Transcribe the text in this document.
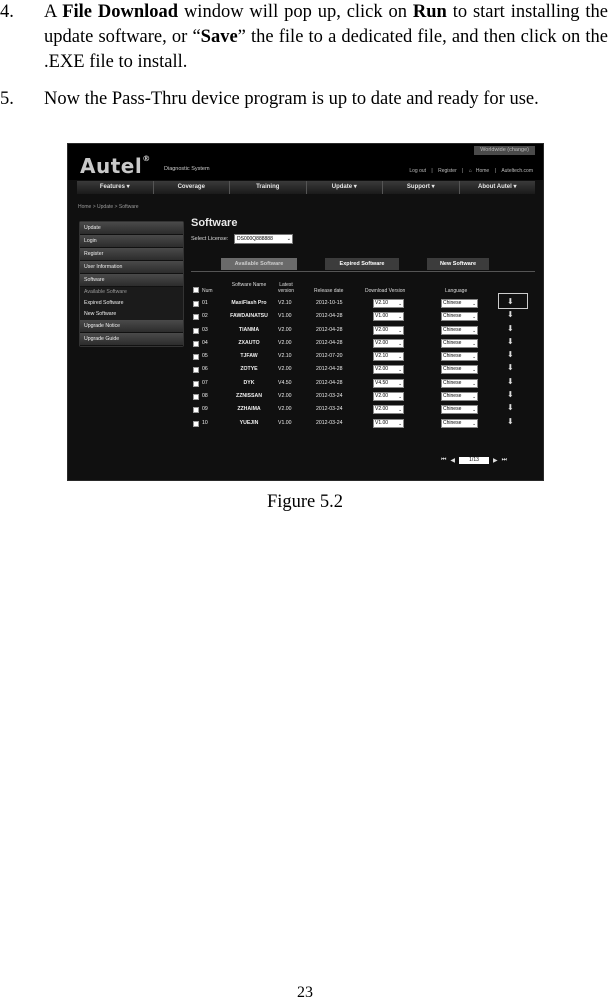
4. A File Download window will pop up, click on Run to start installing the update software, or “Save” the file to a dedicated file, and then click on the .EXE file to install.
5. Now the Pass-Thru device program is up to date and ready for use.
Worldwide (change)
Autel®
Diagnostic System	Log out | Register | ⌂ Home | Auteltech.com
Features ▾	Coverage	Training	Update ▾	Support ▾	About Autel ▾
Home > Update > Software
Update
Login
Register
User Information
Software
Available Software
Expired Software
New Software
Upgrade Notice
Upgrade Guide
Software
Select License:	DS000Q888888	⌄
Available Software	Expired Software	New Software
Num
Software Name	Latest version	Release date	Download Version	Language
01	MaxiFlash Pro	V2.10	2012-10-15	V2.10 ⌄	Chinese ⌄	⬇
02	FAWDAINATSU	V1.00	2012-04-28	V1.00 ⌄	Chinese ⌄	⬇
03	TIANMA	V2.00	2012-04-28	V2.00 ⌄	Chinese ⌄	⬇
04	ZXAUTO	V2.00	2012-04-28	V2.00 ⌄	Chinese ⌄	⬇
05	TJFAW	V2.10	2012-07-20	V2.10 ⌄	Chinese ⌄	⬇
06	ZOTYE	V2.00	2012-04-28	V2.00 ⌄	Chinese ⌄	⬇
07	DYK	V4.50	2012-04-28	V4.50 ⌄	Chinese ⌄	⬇
08	ZZNISSAN	V2.00	2012-03-24	V2.00 ⌄	Chinese ⌄	⬇
09	ZZHAIMA	V2.00	2012-03-24	V2.00 ⌄	Chinese ⌄	⬇
10	YUEJIN	V1.00	2012-03-24	V1.00 ⌄	Chinese ⌄	⬇
⏮ ◀	1/13	▶ ⏭
Figure 5.2
23
